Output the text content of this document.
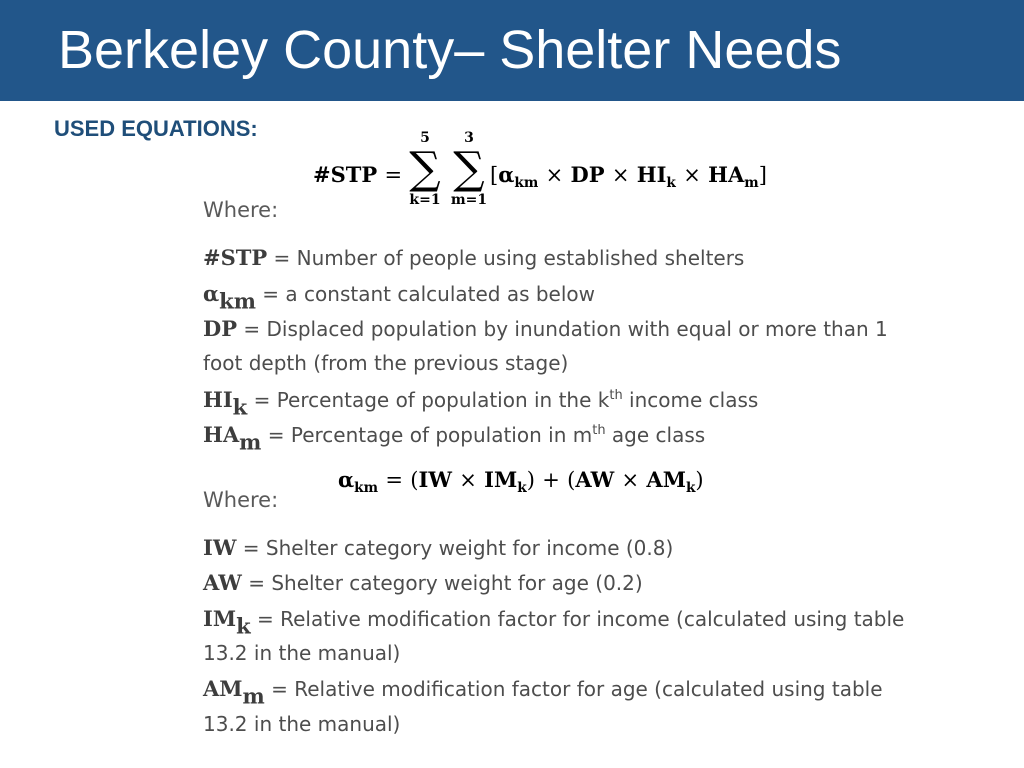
Berkeley County– Shelter Needs
USED EQUATIONS:
#STP =
5
∑
k=1
3
∑
m=1
[$\alpha_{km}$ × DP × $HI_k \times HA_m$]
Where:
#STP = Number of people using established shelters
$\alpha_{km} = a$ constant calculated as below
DP = Displaced population by inundation with equal or more than 1
foot depth (from the previous stage)
$HI_k$ = Percentage of population in the $k^{th}$ income class
$HA_m$ = Percentage of population in $m^{th}$ age class
$\alpha_{km} = (IW \times IM_k) + (AW \times AM_k)$
Where:
IW = Shelter category weight for income (0.8)
AW = Shelter category weight for age (0.2)
$IM_k$ = Relative modification factor for income (calculated using table
13.2 in the manual)
$AM_m$ = Relative modification factor for age (calculated using table
13.2 in the manual)
